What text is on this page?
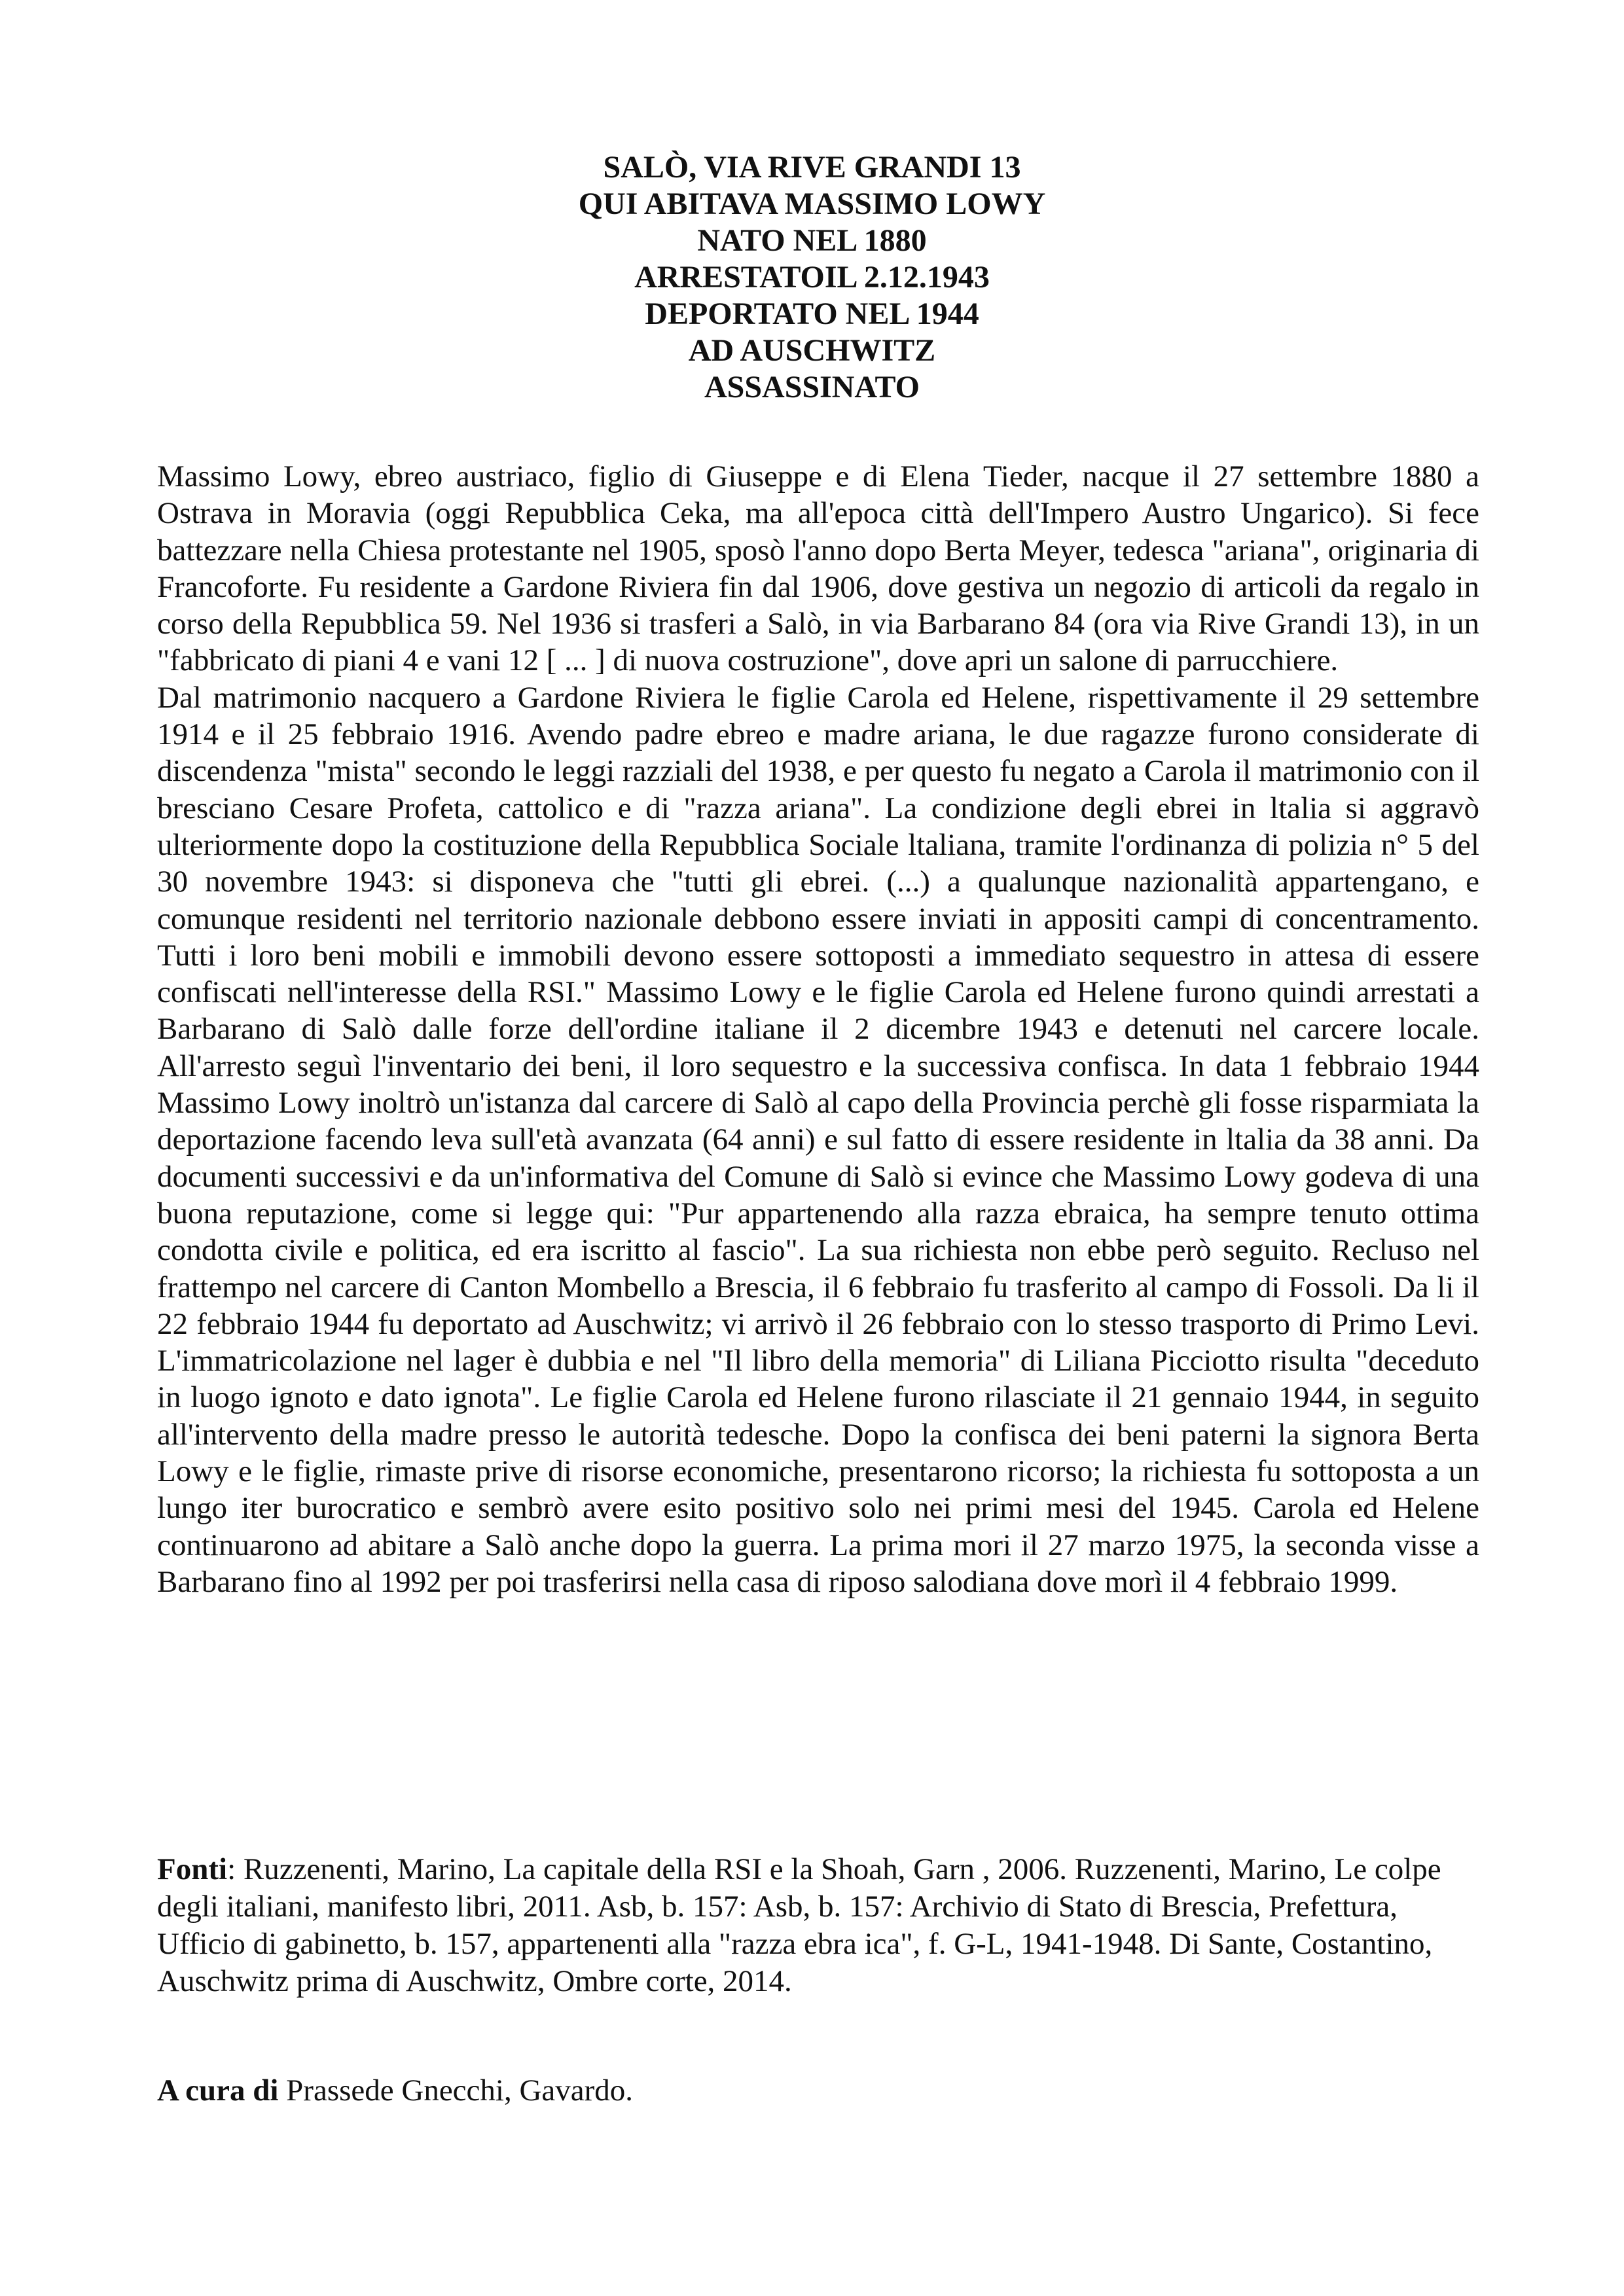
SALÒ, VIA RIVE GRANDI 13
QUI ABITAVA MASSIMO LOWY
NATO NEL 1880
ARRESTATOIL 2.12.1943
DEPORTATO NEL 1944
AD AUSCHWITZ
ASSASSINATO

Massimo Lowy, ebreo austriaco, figlio di Giuseppe e di Elena Tieder, nacque il 27 settembre 1880 a Ostrava in Moravia (oggi Repubblica Ceka, ma all'epoca città dell'Impero Austro Ungarico). Si fece battezzare nella Chiesa protestante nel 1905, sposò l'anno dopo Berta Meyer, tedesca "ariana", originaria di Francoforte. Fu residente a Gardone Riviera fin dal 1906, dove gestiva un negozio di articoli da regalo in corso della Repubblica 59. Nel 1936 si trasferi a Salò, in via Barbarano 84 (ora via Rive Grandi 13), in un "fabbricato di piani 4 e vani 12 [ ... ] di nuova costruzione", dove apri un salone di parrucchiere.

Dal matrimonio nacquero a Gardone Riviera le figlie Carola ed Helene, rispettivamente il 29 settembre 1914 e il 25 febbraio 1916. Avendo padre ebreo e madre ariana, le due ragazze furono considerate di discendenza "mista" secondo le leggi razziali del 1938, e per questo fu negato a Carola il matrimonio con il bresciano Cesare Profeta, cattolico e di "razza ariana". La condizione degli ebrei in ltalia si aggravò ulteriormente dopo la costituzione della Repubblica Sociale ltaliana, tramite l'ordinanza di polizia n° 5 del 30 novembre 1943: si disponeva che "tutti gli ebrei. (...) a qualunque nazionalità appartengano, e comunque residenti nel territorio nazionale debbono essere inviati in appositi campi di concentramento. Tutti i loro beni mobili e immobili devono essere sottoposti a immediato sequestro in attesa di essere confiscati nell'interesse della RSI." Massimo Lowy e le figlie Carola ed Helene furono quindi arrestati a Barbarano di Salò dalle forze dell'ordine italiane il 2 dicembre 1943 e detenuti nel carcere locale. All'arresto seguì l'inventario dei beni, il loro sequestro e la successiva confisca. In data 1 febbraio 1944 Massimo Lowy inoltrò un'istanza dal carcere di Salò al capo della Provincia perchè gli fosse risparmiata la deportazione facendo leva sull'età avanzata (64 anni) e sul fatto di essere residente in ltalia da 38 anni. Da documenti successivi e da un'informativa del Comune di Salò si evince che Massimo Lowy godeva di una buona reputazione, come si legge qui: "Pur appartenendo alla razza ebraica, ha sempre tenuto ottima condotta civile e politica, ed era iscritto al fascio". La sua richiesta non ebbe però seguito. Recluso nel frattempo nel carcere di Canton Mombello a Brescia, il 6 febbraio fu trasferito al campo di Fossoli. Da li il 22 febbraio 1944 fu deportato ad Auschwitz; vi arrivò il 26 febbraio con lo stesso trasporto di Primo Levi. L'immatricolazione nel lager è dubbia e nel "Il libro della memoria" di Liliana Picciotto risulta "deceduto in luogo ignoto e dato ignota". Le figlie Carola ed Helene furono rilasciate il 21 gennaio 1944, in seguito all'intervento della madre presso le autorità tedesche. Dopo la confisca dei beni paterni la signora Berta Lowy e le figlie, rimaste prive di risorse economiche, presentarono ricorso; la richiesta fu sottoposta a un lungo iter burocratico e sembrò avere esito positivo solo nei primi mesi del 1945. Carola ed Helene continuarono ad abitare a Salò anche dopo la guerra. La prima mori il 27 marzo 1975, la seconda visse a Barbarano fino al 1992 per poi trasferirsi nella casa di riposo salodiana dove morì il 4 febbraio 1999.

Fonti: Ruzzenenti, Marino, La capitale della RSI e la Shoah, Garn , 2006. Ruzzenenti, Marino, Le colpe degli italiani, manifesto libri, 2011. Asb, b. 157: Asb, b. 157: Archivio di Stato di Brescia, Prefettura, Ufficio di gabinetto, b. 157, appartenenti alla "razza ebra ica", f. G-L, 1941-1948. Di Sante, Costantino, Auschwitz prima di Auschwitz, Ombre corte, 2014.

A cura di Prassede Gnecchi, Gavardo.
